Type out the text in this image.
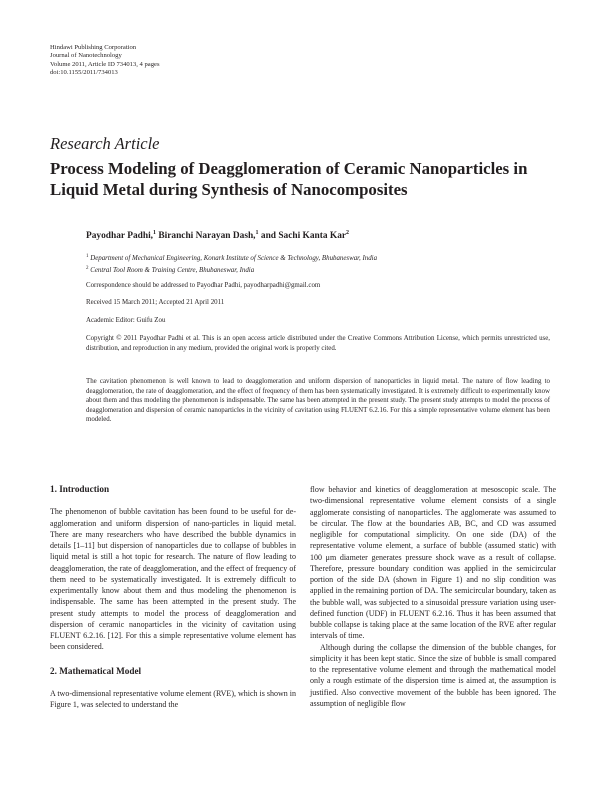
Hindawi Publishing Corporation
Journal of Nanotechnology
Volume 2011, Article ID 734013, 4 pages
doi:10.1155/2011/734013
Research Article
Process Modeling of Deagglomeration of Ceramic Nanoparticles in Liquid Metal during Synthesis of Nanocomposites
Payodhar Padhi,$^1$ Biranchi Narayan Dash,$^1$ and Sachi Kanta Kar$^2$
$^1$ Department of Mechanical Engineering, Konark Institute of Science & Technology, Bhubaneswar, India
$^2$ Central Tool Room & Training Centre, Bhubaneswar, India
Correspondence should be addressed to Payodhar Padhi, payodharpadhi@gmail.com
Received 15 March 2011; Accepted 21 April 2011
Academic Editor: Guifu Zou
Copyright © 2011 Payodhar Padhi et al. This is an open access article distributed under the Creative Commons Attribution License, which permits unrestricted use, distribution, and reproduction in any medium, provided the original work is properly cited.
The cavitation phenomenon is well known to lead to deagglomeration and uniform dispersion of nanoparticles in liquid metal. The nature of flow leading to deagglomeration, the rate of deagglomeration, and the effect of frequency of them has been systematically investigated. It is extremely difficult to experimentally know about them and thus modeling the phenomenon is indispensable. The same has been attempted in the present study. The present study attempts to model the process of deagglomeration and dispersion of ceramic nanoparticles in the vicinity of cavitation using FLUENT 6.2.16. For this a simple representative volume element has been modeled.
1. Introduction

The phenomenon of bubble cavitation has been found to be useful for de-agglomeration and uniform dispersion of nano-particles in liquid metal. There are many researchers who have described the bubble dynamics in details [1–11] but dispersion of nanoparticles due to collapse of bubbles in liquid metal is still a hot topic for research. The nature of flow leading to deagglomeration, the rate of deagglomeration, and the effect of frequency of them need to be systematically investigated. It is extremely difficult to experimentally know about them and thus modeling the phenomenon is indispensable. The same has been attempted in the present study. The present study attempts to model the process of deagglomeration and dispersion of ceramic nanoparticles in the vicinity of cavitation using FLUENT 6.2.16. [12]. For this a simple representative volume element has been considered.

2. Mathematical Model

A two-dimensional representative volume element (RVE), which is shown in Figure 1, was selected to understand the

flow behavior and kinetics of deagglomeration at mesoscopic scale. The two-dimensional representative volume element consists of a single agglomerate consisting of nanoparticles. The agglomerate was assumed to be circular. The flow at the boundaries AB, BC, and CD was assumed negligible for computational simplicity. On one side (DA) of the representative volume element, a surface of bubble (assumed static) with 100 μm diameter generates pressure shock wave as a result of collapse. Therefore, pressure boundary condition was applied in the semicircular portion of the side DA (shown in Figure 1) and no slip condition was applied in the remaining portion of DA. The semicircular boundary, taken as the bubble wall, was subjected to a sinusoidal pressure variation using user-defined function (UDF) in FLUENT 6.2.16. Thus it has been assumed that bubble collapse is taking place at the same location of the RVE after regular intervals of time.

Although during the collapse the dimension of the bubble changes, for simplicity it has been kept static. Since the size of bubble is small compared to the representative volume element and through the mathematical model only a rough estimate of the dispersion time is aimed at, the assumption is justified. Also convective movement of the bubble has been ignored. The assumption of negligible flow
